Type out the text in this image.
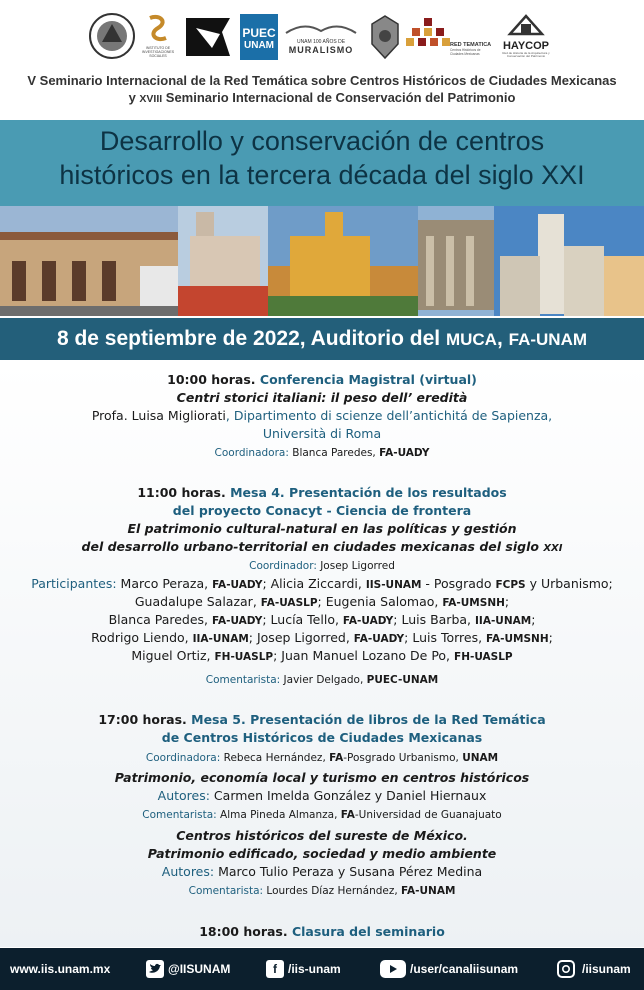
INSTITUTO DE INVESTIGACIONES SOCIALES
PUEC
UNAM	UNAM 100 AÑOS DE
MURALISMO	RED TEMATICA
Centros Históricos de Ciudades Mexicanas
HAYCOP
Red de Historia de la Arquitectura y Conservación del Patrimonio
V Seminario Internacional de la Red Temática sobre Centros Históricos de Ciudades Mexicanas
y XVIII Seminario Internacional de Conservación del Patrimonio
Desarrollo y conservación de centros
históricos en la tercera década del siglo XXI
8 de septiembre de 2022, Auditorio del MUCA, FA-UNAM
10:00 horas. Conferencia Magistral (virtual)
Centri storici italiani: il peso dell’ eredità
Profa. Luisa Migliorati, Dipartimento di scienze dell’antichitá de Sapienza,
Università di Roma
Coordinadora: Blanca Paredes, FA-UADY
11:00 horas. Mesa 4. Presentación de los resultados
del proyecto Conacyt - Ciencia de frontera
El patrimonio cultural-natural en las políticas y gestión
del desarrollo urbano-territorial en ciudades mexicanas del siglo XXI
Coordinador: Josep Ligorred
Participantes: Marco Peraza, FA-UADY; Alicia Ziccardi, IIS-UNAM - Posgrado FCPS y Urbanismo;
Guadalupe Salazar, FA-UASLP; Eugenia Salomao, FA-UMSNH;
Blanca Paredes, FA-UADY; Lucía Tello, FA-UADY; Luis Barba, IIA-UNAM;
Rodrigo Liendo, IIA-UNAM; Josep Ligorred, FA-UADY; Luis Torres, FA-UMSNH;
Miguel Ortiz, FH-UASLP; Juan Manuel Lozano De Po, FH-UASLP
Comentarista: Javier Delgado, PUEC-UNAM
17:00 horas. Mesa 5. Presentación de libros de la Red Temática
de Centros Históricos de Ciudades Mexicanas
Coordinadora: Rebeca Hernández, FA-Posgrado Urbanismo, UNAM
Patrimonio, economía local y turismo en centros históricos
Autores: Carmen Imelda González y Daniel Hiernaux
Comentarista: Alma Pineda Almanza, FA-Universidad de Guanajuato
Centros históricos del sureste de México.
Patrimonio edificado, sociedad y medio ambiente
Autores: Marco Tulio Peraza y Susana Pérez Medina
Comentarista: Lourdes Díaz Hernández, FA-UNAM
18:00 horas. Clasura del seminario
www.iis.unam.mx	@IISUNAM	f /iis-unam	/user/canaliisunam	/iisunam
